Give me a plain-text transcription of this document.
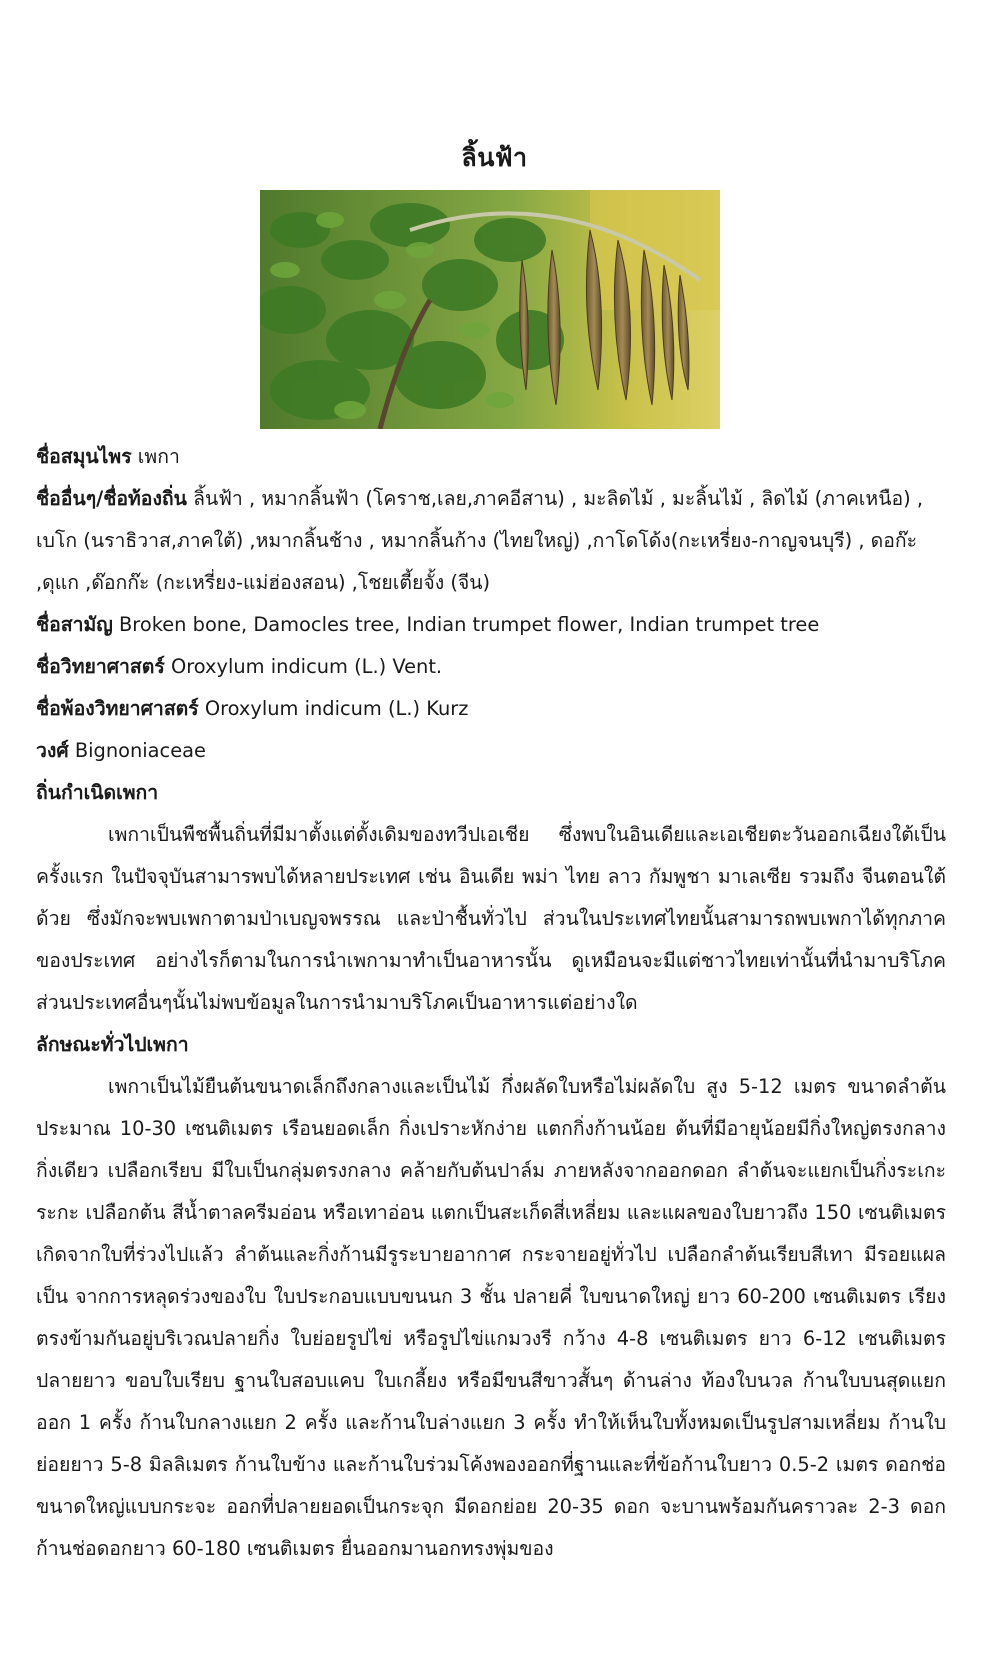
ลิ้นฟ้า

ชื่อสมุนไพร เพกา

ชื่ออื่นๆ/ชื่อท้องถิ่น ลิ้นฟ้า , หมากลิ้นฟ้า (โคราช,เลย,ภาคอีสาน) , มะลิดไม้ , มะลิ้นไม้ , ลิดไม้ (ภาคเหนือ) , เบโก (นราธิวาส,ภาคใต้) ,หมากลิ้นช้าง , หมากลิ้นก้าง (ไทยใหญ่) ,กาโดโด้ง(กะเหรี่ยง-กาญจนบุรี) , ดอก๊ะ ,ดุแก ,ด๊อกก๊ะ (กะเหรี่ยง-แม่ฮ่องสอน) ,โชยเตี้ยจั้ง (จีน)

ชื่อสามัญ Broken bone, Damocles tree, Indian trumpet flower, Indian trumpet tree

ชื่อวิทยาศาสตร์ Oroxylum indicum (L.) Vent.

ชื่อพ้องวิทยาศาสตร์ Oroxylum indicum (L.) Kurz

วงศ์ Bignoniaceae

ถิ่นกำเนิดเพกา

เพกาเป็นพืชพื้นถิ่นที่มีมาตั้งแต่ดั้งเดิมของทวีปเอเชีย ซึ่งพบในอินเดียและเอเชียตะวันออกเฉียงใต้เป็นครั้งแรก ในปัจจุบันสามารพบได้หลายประเทศ เช่น อินเดีย พม่า ไทย ลาว กัมพูชา มาเลเซีย รวมถึง จีนตอนใต้ด้วย ซึ่งมักจะพบเพกาตามป่าเบญจพรรณ และป่าชื้นทั่วไป ส่วนในประเทศไทยนั้นสามารถพบเพกาได้ทุกภาคของประเทศ อย่างไรก็ตามในการนำเพกามาทำเป็นอาหารนั้น ดูเหมือนจะมีแต่ชาวไทยเท่านั้นที่นำมาบริโภค ส่วนประเทศอื่นๆนั้นไม่พบข้อมูลในการนำมาบริโภคเป็นอาหารแต่อย่างใด

ลักษณะทั่วไปเพกา

เพกาเป็นไม้ยืนต้นขนาดเล็กถึงกลางและเป็นไม้ กึ่งผลัดใบหรือไม่ผลัดใบ สูง 5-12 เมตร ขนาดลำต้นประมาณ 10-30 เซนติเมตร เรือนยอดเล็ก กิ่งเปราะหักง่าย แตกกิ่งก้านน้อย ต้นที่มีอายุน้อยมีกิ่งใหญ่ตรงกลางกิ่งเดียว เปลือกเรียบ มีใบเป็นกลุ่มตรงกลาง คล้ายกับต้นปาล์ม ภายหลังจากออกดอก ลำต้นจะแยกเป็นกิ่งระเกะระกะ เปลือกต้น สีน้ำตาลครีมอ่อน หรือเทาอ่อน แตกเป็นสะเก็ดสี่เหลี่ยม และแผลของใบยาวถึง 150 เซนติเมตร เกิดจากใบที่ร่วงไปแล้ว ลำต้นและกิ่งก้านมีรูระบายอากาศ กระจายอยู่ทั่วไป เปลือกลำต้นเรียบสีเทา มีรอยแผลเป็น จากการหลุดร่วงของใบ ใบประกอบแบบขนนก 3 ชั้น ปลายคี่ ใบขนาดใหญ่ ยาว 60-200 เซนติเมตร เรียงตรงข้ามกันอยู่บริเวณปลายกิ่ง ใบย่อยรูปไข่ หรือรูปไข่แกมวงรี กว้าง 4-8 เซนติเมตร ยาว 6-12 เซนติเมตร ปลายยาว ขอบใบเรียบ ฐานใบสอบแคบ ใบเกลี้ยง หรือมีขนสีขาวสั้นๆ ด้านล่าง ท้องใบนวล ก้านใบบนสุดแยกออก 1 ครั้ง ก้านใบกลางแยก 2 ครั้ง และก้านใบล่างแยก 3 ครั้ง ทำให้เห็นใบทั้งหมดเป็นรูปสามเหลี่ยม ก้านใบย่อยยาว 5-8 มิลลิเมตร ก้านใบข้าง และก้านใบร่วมโค้งพองออกที่ฐานและที่ข้อก้านใบยาว 0.5-2 เมตร ดอกช่อขนาดใหญ่แบบกระจะ ออกที่ปลายยอดเป็นกระจุก มีดอกย่อย 20-35 ดอก จะบานพร้อมกันคราวละ 2-3 ดอก ก้านช่อดอกยาว 60-180 เซนติเมตร ยื่นออกมานอกทรงพุ่มของ
